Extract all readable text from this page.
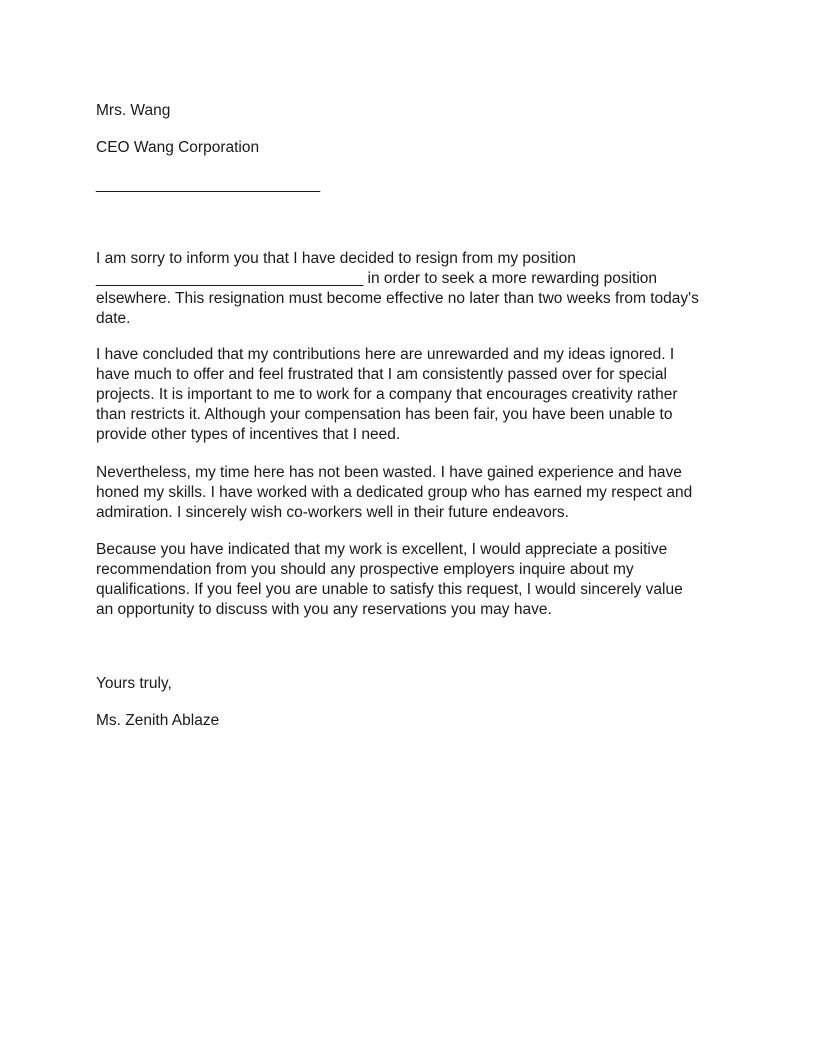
Mrs. Wang
CEO Wang Corporation
__________________________
I am sorry to inform you that I have decided to resign from my position
_______________________________ in order to seek a more rewarding position
elsewhere. This resignation must become effective no later than two weeks from today's
date.
I have concluded that my contributions here are unrewarded and my ideas ignored. I
have much to offer and feel frustrated that I am consistently passed over for special
projects. It is important to me to work for a company that encourages creativity rather
than restricts it. Although your compensation has been fair, you have been unable to
provide other types of incentives that I need.
Nevertheless, my time here has not been wasted. I have gained experience and have
honed my skills. I have worked with a dedicated group who has earned my respect and
admiration. I sincerely wish co-workers well in their future endeavors.
Because you have indicated that my work is excellent, I would appreciate a positive
recommendation from you should any prospective employers inquire about my
qualifications. If you feel you are unable to satisfy this request, I would sincerely value
an opportunity to discuss with you any reservations you may have.
Yours truly,
Ms. Zenith Ablaze
